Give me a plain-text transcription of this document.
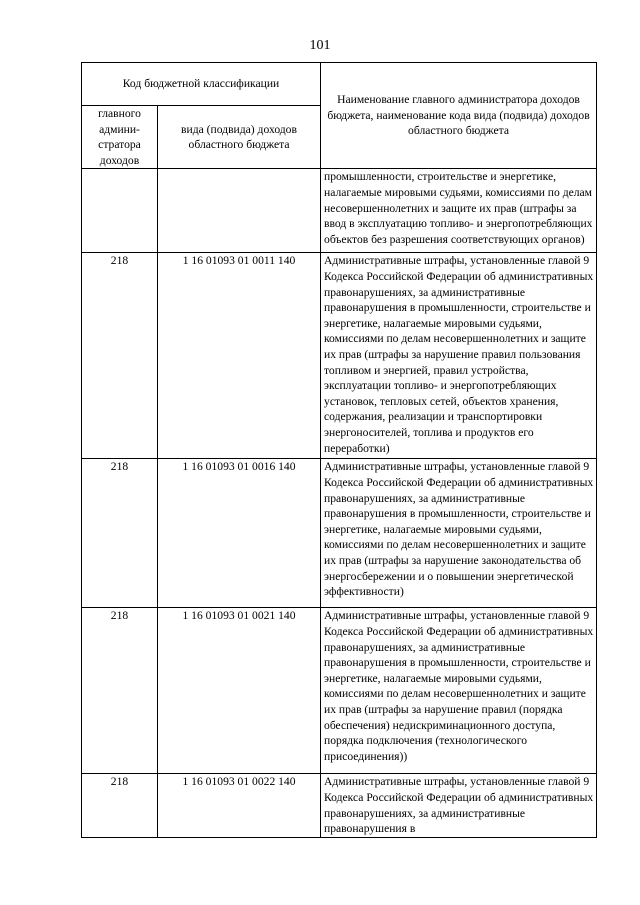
101
Код бюджетной классификации		Наименование главного администратора доходов бюджета, наименование кода вида (подвида) доходов областного бюджета
главного админи-стратора доходов	вида (подвида) доходов областного бюджета	
		промышленности, строительстве и энергетике, налагаемые мировыми судьями, комиссиями по делам несовершеннолетних и защите их прав (штрафы за ввод в эксплуатацию топливо- и энергопотребляющих объектов без разрешения соответствующих органов)
218	1 16 01093 01 0011 140	Административные штрафы, установленные главой 9 Кодекса Российской Федерации об административных правонарушениях, за административные правонарушения в промышленности, строительстве и энергетике, налагаемые мировыми судьями, комиссиями по делам несовершеннолетних и защите их прав (штрафы за нарушение правил пользования топливом и энергией, правил устройства, эксплуатации топливо- и энергопотребляющих установок, тепловых сетей, объектов хранения, содержания, реализации и транспортировки энергоносителей, топлива и продуктов его переработки)
218	1 16 01093 01 0016 140	Административные штрафы, установленные главой 9 Кодекса Российской Федерации об административных правонарушениях, за административные правонарушения в промышленности, строительстве и энергетике, налагаемые мировыми судьями, комиссиями по делам несовершеннолетних и защите их прав (штрафы за нарушение законодательства об энергосбережении и о повышении энергетической эффективности)
218	1 16 01093 01 0021 140	Административные штрафы, установленные главой 9 Кодекса Российской Федерации об административных правонарушениях, за административные правонарушения в промышленности, строительстве и энергетике, налагаемые мировыми судьями, комиссиями по делам несовершеннолетних и защите их прав (штрафы за нарушение правил (порядка обеспечения) недискриминационного доступа, порядка подключения (технологического присоединения))
218	1 16 01093 01 0022 140	Административные штрафы, установленные главой 9 Кодекса Российской Федерации об административных правонарушениях, за административные правонарушения в
